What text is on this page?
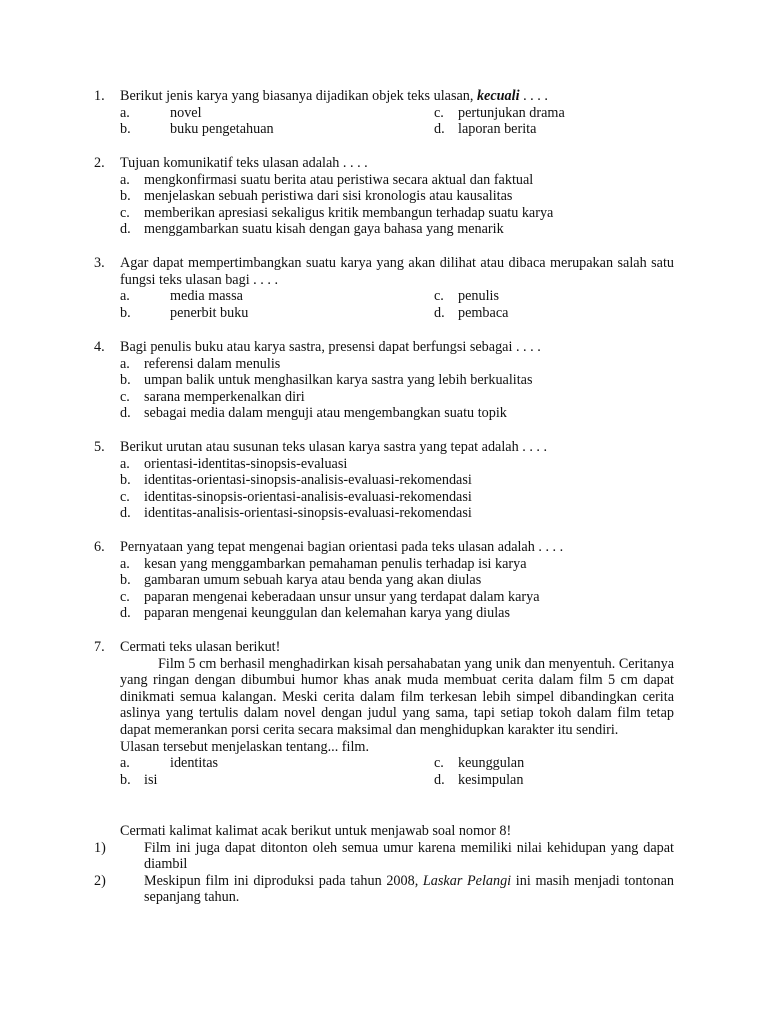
1. Berikut jenis karya yang biasanya dijadikan objek teks ulasan, kecuali . . . .
a.	novel	c. pertunjukan drama
b.	buku pengetahuan	d. laporan berita
2. Tujuan komunikatif teks ulasan adalah . . . .
a. mengkonfirmasi suatu berita atau peristiwa secara aktual dan faktual
b. menjelaskan sebuah peristiwa dari sisi kronologis atau kausalitas
c. memberikan apresiasi sekaligus kritik membangun terhadap suatu karya
d. menggambarkan suatu kisah dengan gaya bahasa yang menarik
3. Agar dapat mempertimbangkan suatu karya yang akan dilihat atau dibaca merupakan salah satu fungsi teks ulasan bagi . . . .
a.	media massa	c. penulis
b.	penerbit buku	d. pembaca
4. Bagi penulis buku atau karya sastra, presensi dapat berfungsi sebagai . . . .
a. referensi dalam menulis
b. umpan balik untuk menghasilkan karya sastra yang lebih berkualitas
c. sarana memperkenalkan diri
d. sebagai media dalam menguji atau mengembangkan suatu topik
5. Berikut urutan atau susunan teks ulasan karya sastra yang tepat adalah . . . .
a. orientasi-identitas-sinopsis-evaluasi
b. identitas-orientasi-sinopsis-analisis-evaluasi-rekomendasi
c. identitas-sinopsis-orientasi-analisis-evaluasi-rekomendasi
d. identitas-analisis-orientasi-sinopsis-evaluasi-rekomendasi
6. Pernyataan yang tepat mengenai bagian orientasi pada teks ulasan adalah . . . .
a. kesan yang menggambarkan pemahaman penulis terhadap isi karya
b. gambaran umum sebuah karya atau benda yang akan diulas
c. paparan mengenai keberadaan unsur unsur yang terdapat dalam karya
d. paparan mengenai keunggulan dan kelemahan karya yang diulas
7. Cermati teks ulasan berikut!
Film 5 cm berhasil menghadirkan kisah persahabatan yang unik dan menyentuh. Ceritanya yang ringan dengan dibumbui humor khas anak muda membuat cerita dalam film 5 cm dapat dinikmati semua kalangan. Meski cerita dalam film terkesan lebih simpel dibandingkan cerita aslinya yang tertulis dalam novel dengan judul yang sama, tapi setiap tokoh dalam film tetap dapat memerankan porsi cerita secara maksimal dan menghidupkan karakter itu sendiri.
Ulasan tersebut menjelaskan tentang... film.
a.	identitas	c. keunggulan
b. isi	d. kesimpulan
Cermati kalimat kalimat acak berikut untuk menjawab soal nomor 8!
1)	Film ini juga dapat ditonton oleh semua umur karena memiliki nilai kehidupan yang dapat diambil
2)	Meskipun film ini diproduksi pada tahun 2008, Laskar Pelangi ini masih menjadi tontonan sepanjang tahun.
